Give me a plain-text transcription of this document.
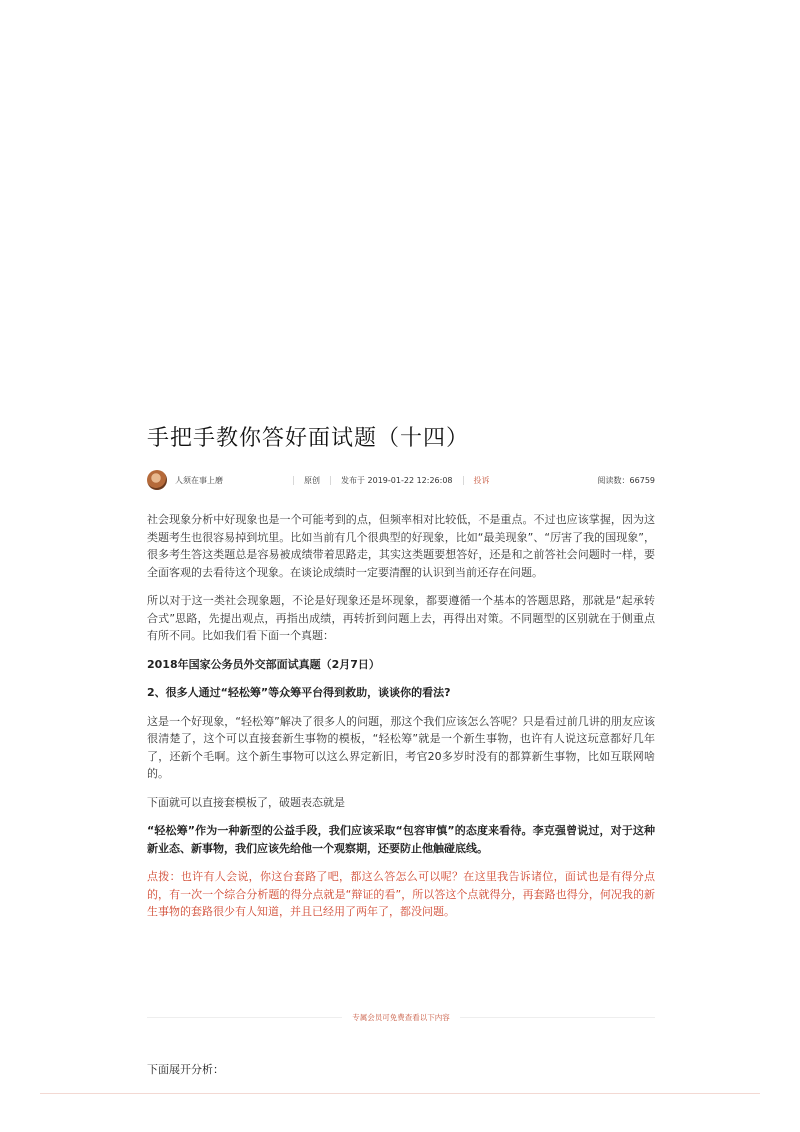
手把手教你答好面试题（十四）
人须在事上磨	原创	发布于 2019-01-22 12:26:08	投诉	阅读数：66759

社会现象分析中好现象也是一个可能考到的点，但频率相对比较低，不是重点。不过也应该掌握，因为这类题考生也很容易掉到坑里。比如当前有几个很典型的好现象，比如“最美现象”、“厉害了我的国现象”，很多考生答这类题总是容易被成绩带着思路走，其实这类题要想答好，还是和之前答社会问题时一样，要全面客观的去看待这个现象。在谈论成绩时一定要清醒的认识到当前还存在问题。

所以对于这一类社会现象题，不论是好现象还是坏现象，都要遵循一个基本的答题思路，那就是“起承转合式”思路，先提出观点，再指出成绩，再转折到问题上去，再得出对策。不同题型的区别就在于侧重点有所不同。比如我们看下面一个真题：

2018年国家公务员外交部面试真题（2月7日）

2、很多人通过“轻松筹”等众筹平台得到救助，谈谈你的看法?

这是一个好现象，“轻松筹”解决了很多人的问题，那这个我们应该怎么答呢？只是看过前几讲的朋友应该很清楚了，这个可以直接套新生事物的模板，“轻松筹”就是一个新生事物，也许有人说这玩意都好几年了，还新个毛啊。这个新生事物可以这么界定新旧，考官20多岁时没有的都算新生事物，比如互联网啥的。

下面就可以直接套模板了，破题表态就是

“轻松筹”作为一种新型的公益手段，我们应该采取“包容审慎”的态度来看待。李克强曾说过，对于这种新业态、新事物，我们应该先给他一个观察期，还要防止他触碰底线。

点拨：也许有人会说，你这台套路了吧，都这么答怎么可以呢？在这里我告诉诸位，面试也是有得分点的，有一次一个综合分析题的得分点就是“辩证的看”，所以答这个点就得分，再套路也得分，何况我的新生事物的套路很少有人知道，并且已经用了两年了，都没问题。

专属会员可免费查看以下内容
下面展开分析：
